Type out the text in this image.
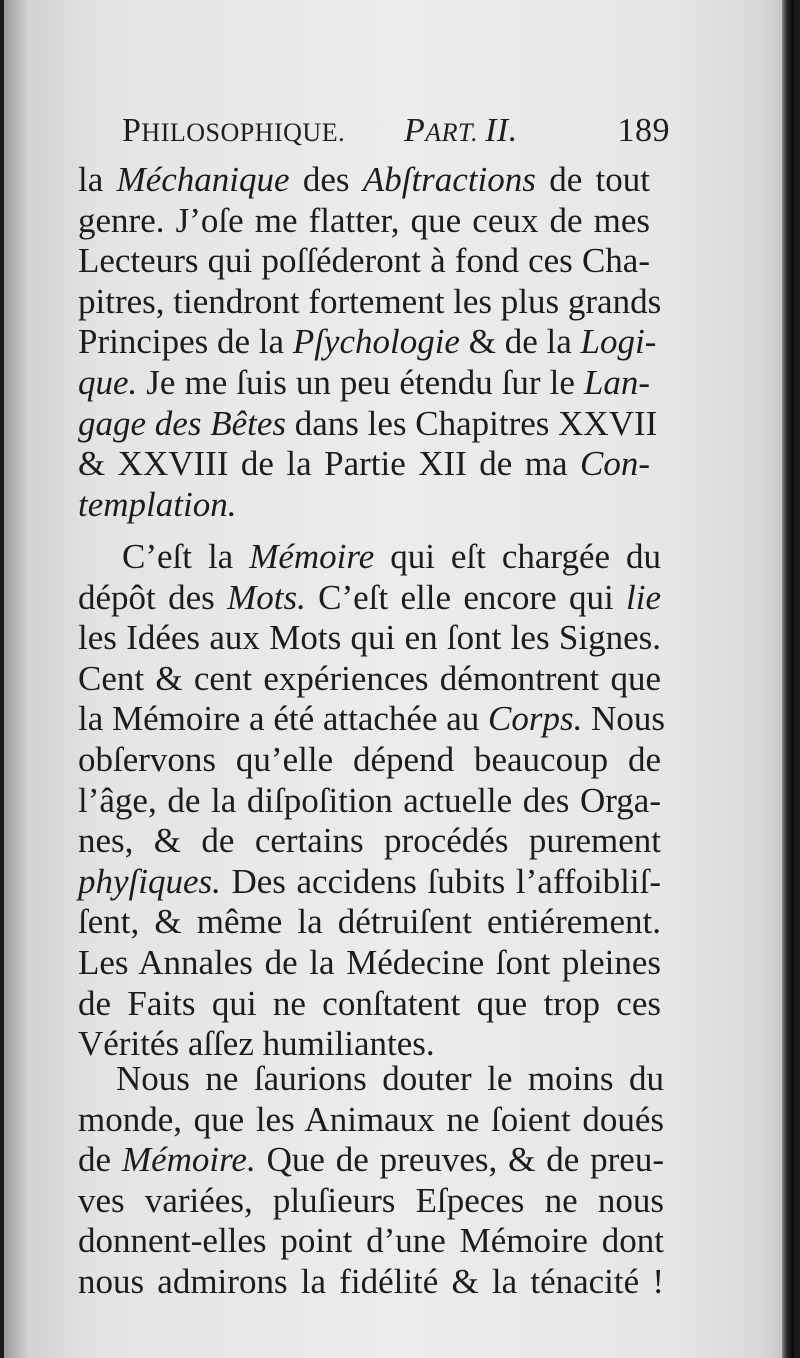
PHILOSOPHIQUE. PART. II.	189
la Méchanique des Abſtractions de tout
genre. J’oſe me flatter, que ceux de mes
Lecteurs qui poſſéderont à fond ces Cha-
pitres, tiendront fortement les plus grands
Principes de la Pſychologie & de la Logi-
que. Je me ſuis un peu étendu ſur le Lan-
gage des Bêtes dans les Chapitres XXVII
& XXVIII de la Partie XII de ma Con-
templation.
C’eſt la Mémoire qui eſt chargée du
dépôt des Mots. C’eſt elle encore qui lie
les Idées aux Mots qui en ſont les Signes.
Cent & cent expériences démontrent que
la Mémoire a été attachée au Corps. Nous
obſervons qu’elle dépend beaucoup de
l’âge, de la diſpoſition actuelle des Orga-
nes, & de certains procédés purement
phyſiques. Des accidens ſubits l’affoibliſ-
ſent, & même la détruiſent entiérement.
Les Annales de la Médecine ſont pleines
de Faits qui ne conſtatent que trop ces
Vérités aſſez humiliantes.
Nous ne ſaurions douter le moins du
monde, que les Animaux ne ſoient doués
de Mémoire. Que de preuves, & de preu-
ves variées, pluſieurs Eſpeces ne nous
donnent-elles point d’une Mémoire dont
nous admirons la fidélité & la ténacité !
